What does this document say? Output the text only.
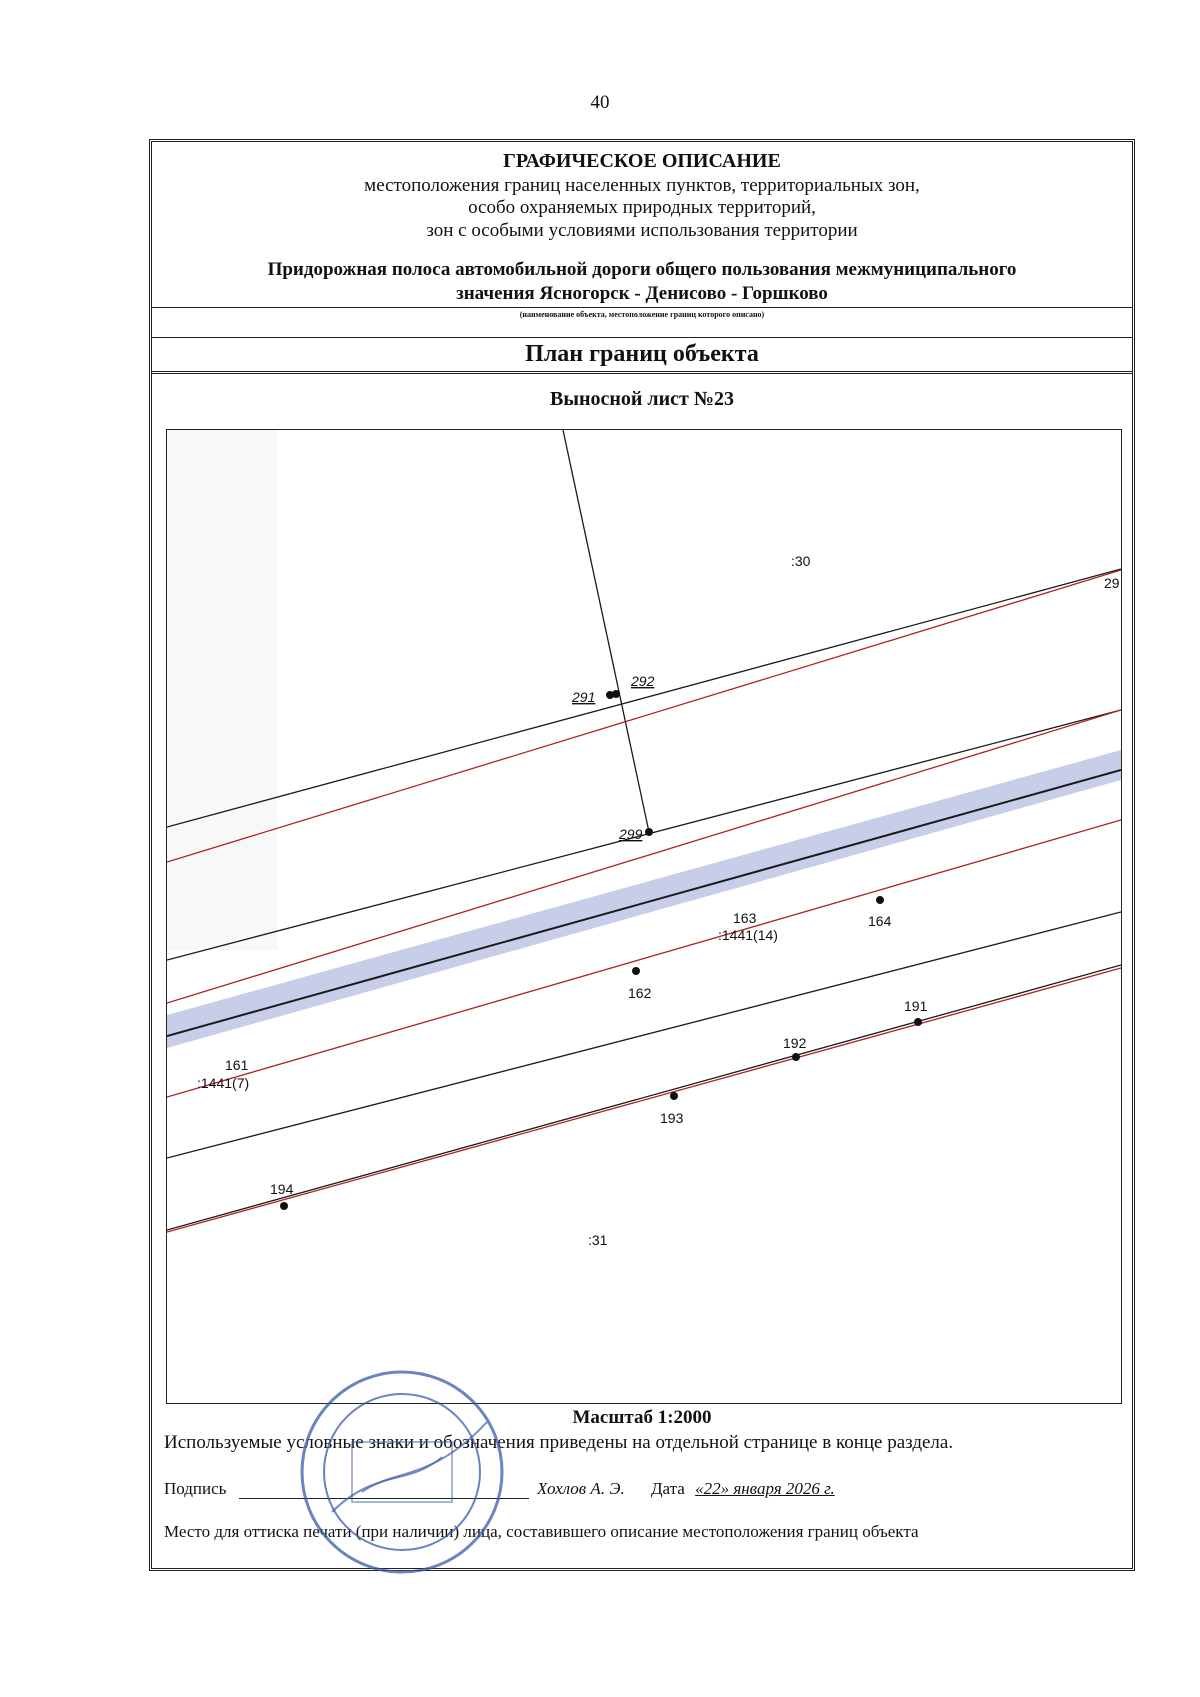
40
ГРАФИЧЕСКОЕ ОПИСАНИЕ
местоположения границ населенных пунктов, территориальных зон,
особо охраняемых природных территорий,
зон с особыми условиями использования территории
Придорожная полоса автомобильной дороги общего пользования межмуниципального
значения Ясногорск - Денисово - Горшково
(наименование объекта, местоположение границ которого описано)
План границ объекта
Выносной лист №23
:30
:31
:1441(14)
:1441(7)
29
291
292
299
161
162
163	164
191
192
193
194
Масштаб 1:2000
Используемые условные знаки и обозначения приведены на отдельной странице в конце раздела.
Подпись	Хохлов А. Э. Дата «22» января 2026 г.
Место для оттиска печати (при наличии) лица, составившего описание местоположения границ объекта
